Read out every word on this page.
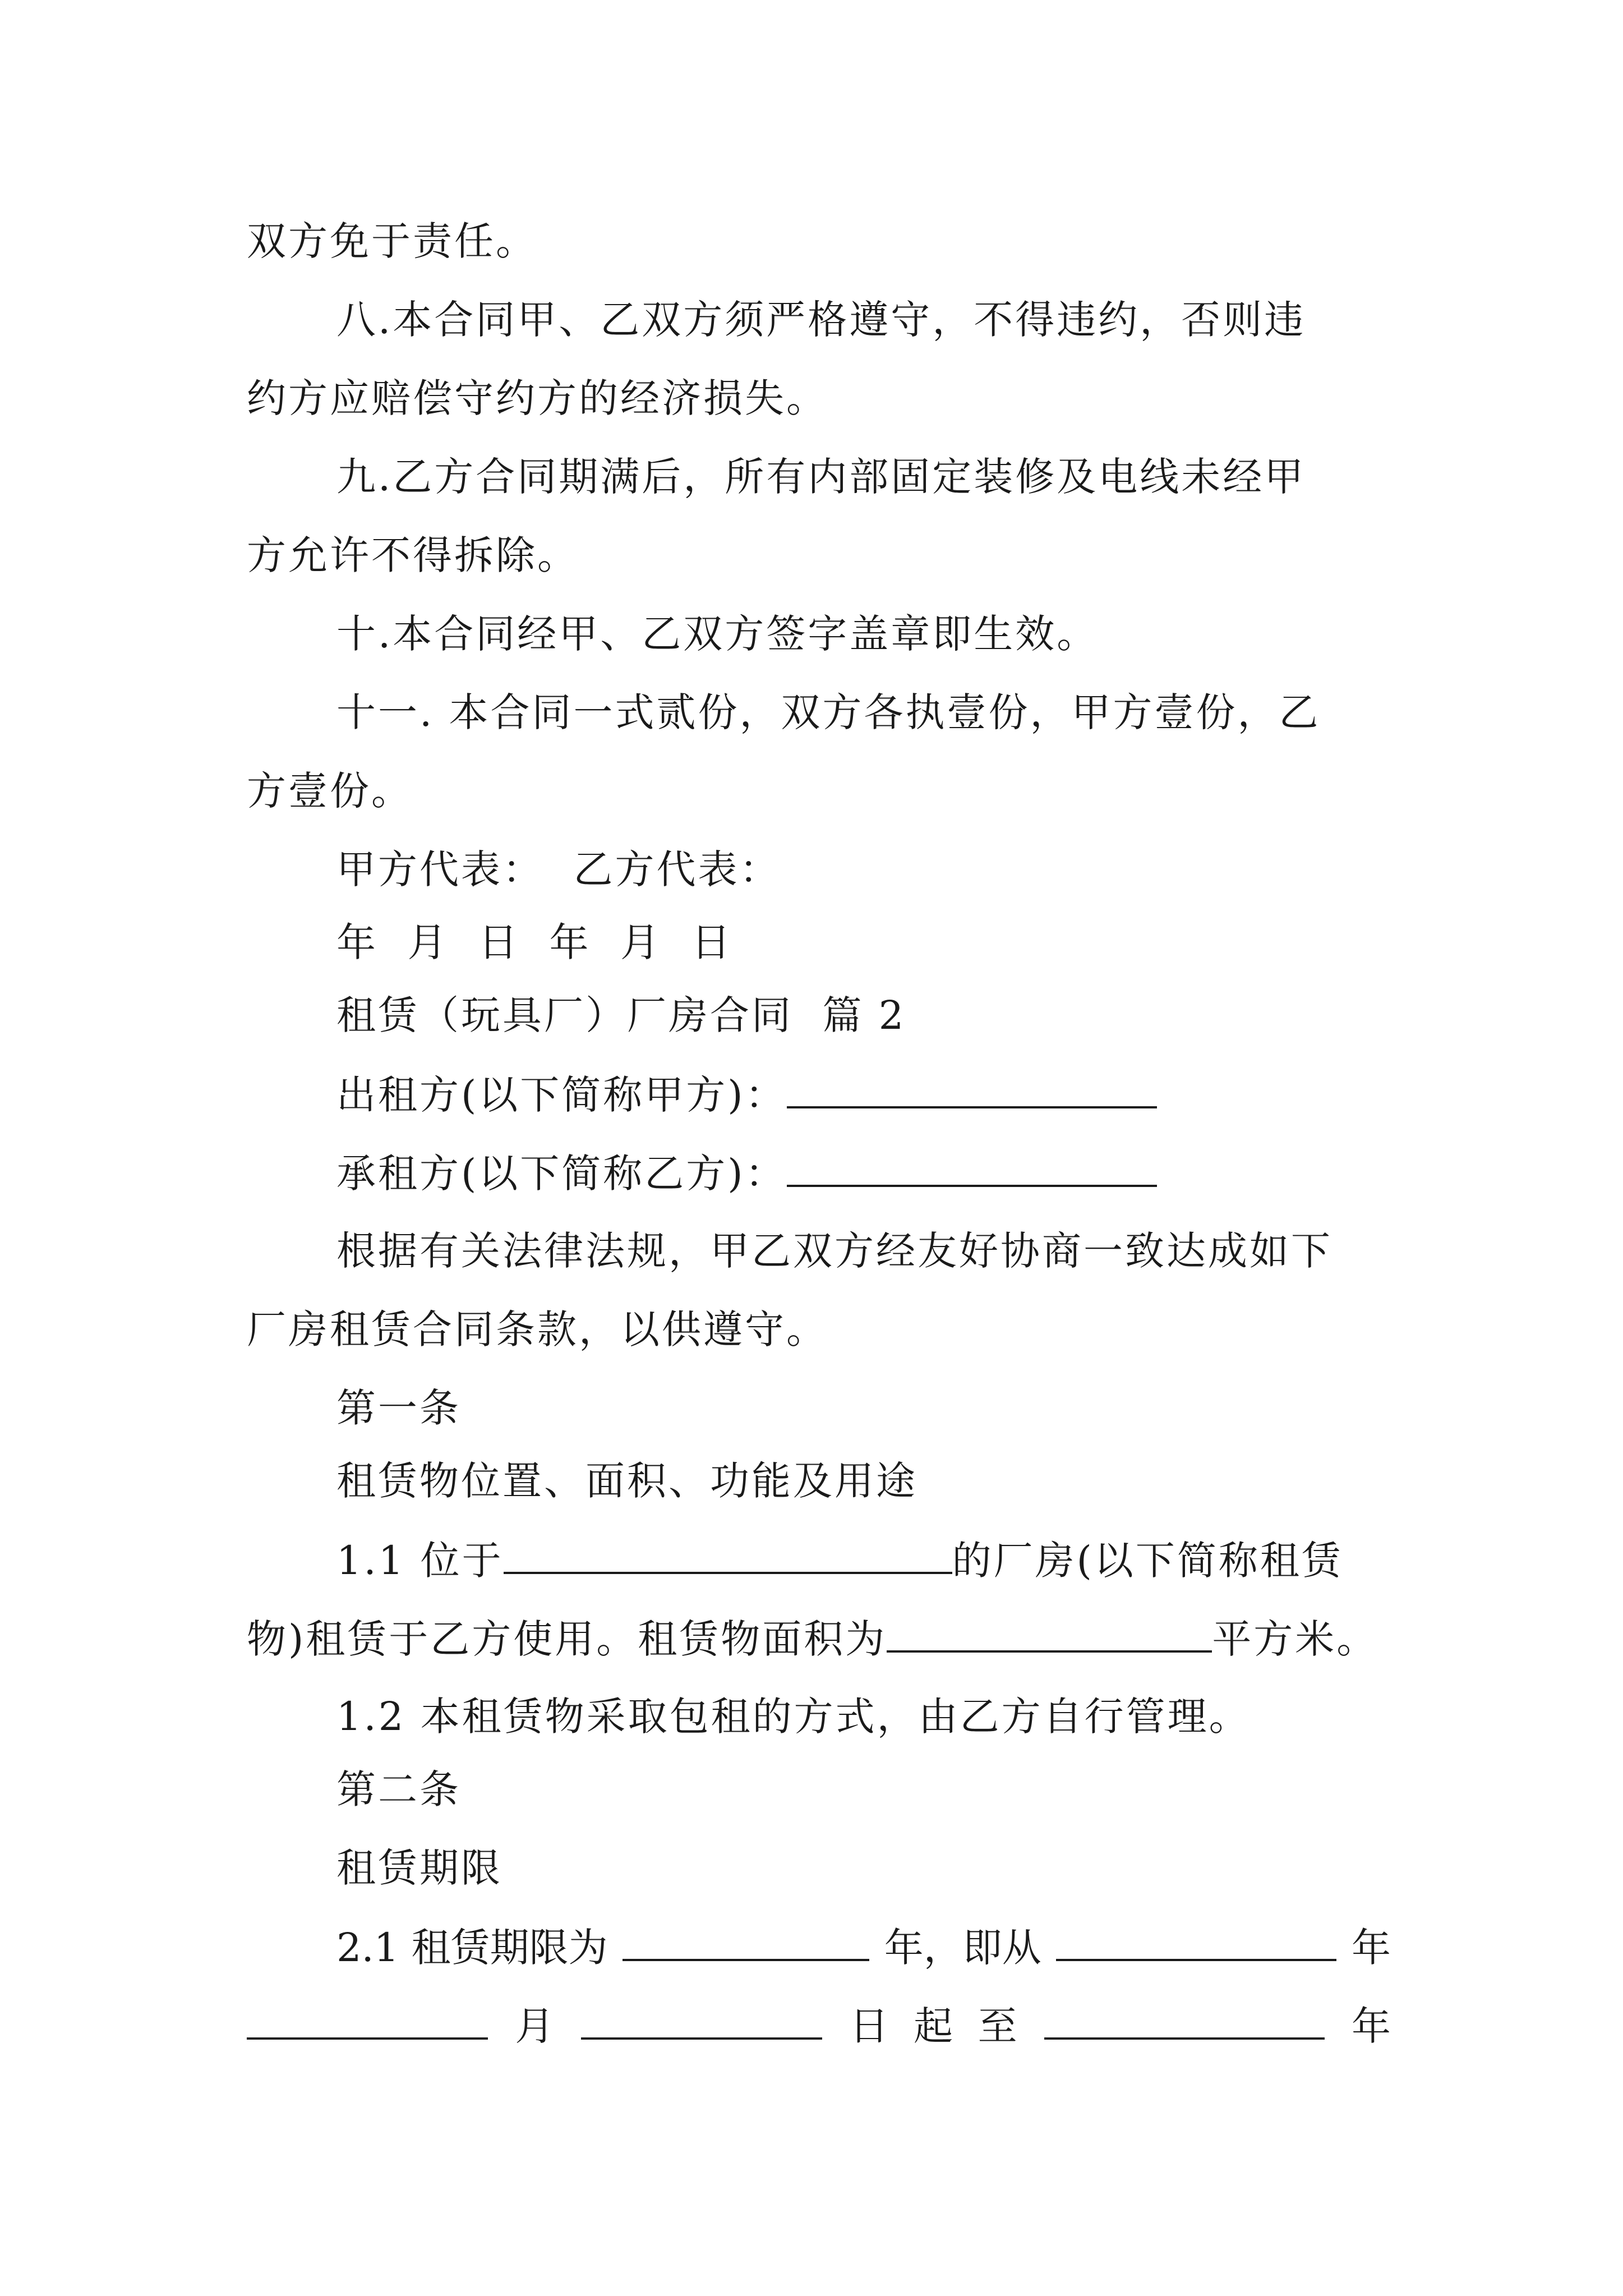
双方免于责任。
八.本合同甲、乙双方须严格遵守，不得违约，否则违
约方应赔偿守约方的经济损失。
九.乙方合同期满后，所有内部固定装修及电线未经甲
方允许不得拆除。
十.本合同经甲、乙双方签字盖章即生效。
十一. 本合同一式贰份，双方各执壹份，甲方壹份，乙
方壹份。
甲方代表：  乙方代表：
年  月  日  年  月  日
租赁（玩具厂）厂房合同  篇 2
出租方(以下简称甲方)：
承租方(以下简称乙方)：
根据有关法律法规，甲乙双方经友好协商一致达成如下
厂房租赁合同条款，以供遵守。
第一条
租赁物位置、面积、功能及用途
1.1 位于	的厂房(以下简称租赁
物)租赁于乙方使用。租赁物面积为	平方米。
1.2 本租赁物采取包租的方式，由乙方自行管理。
第二条
租赁期限
2.1 租赁期限为	年，即从	年
月	日  起  至	年
